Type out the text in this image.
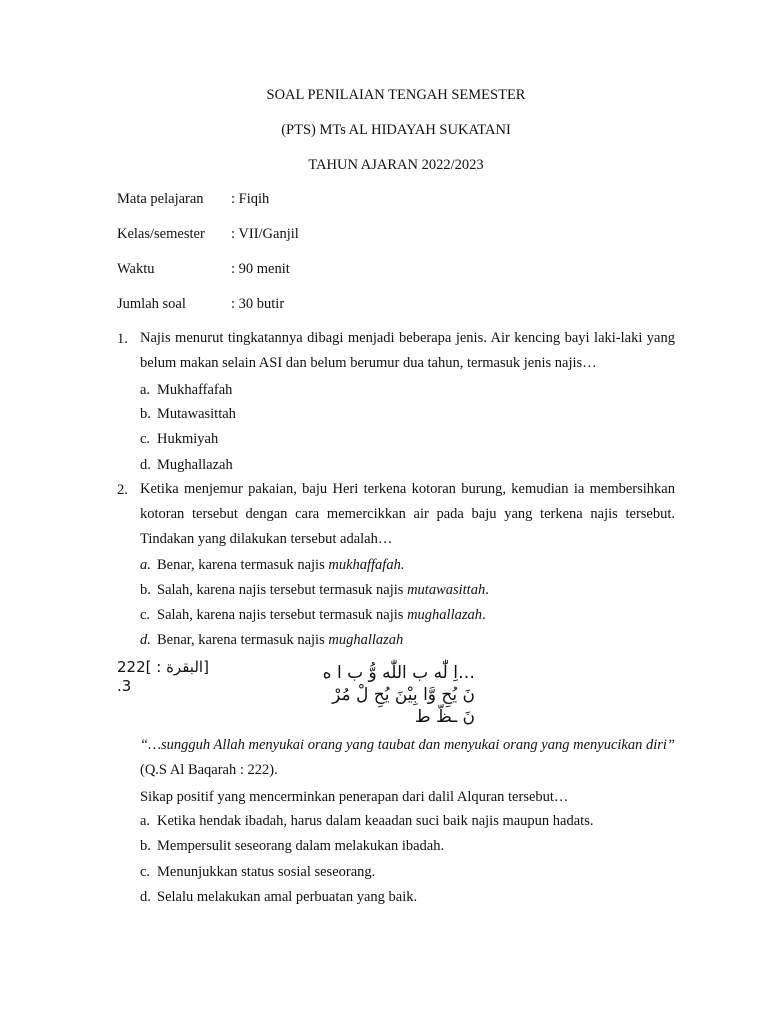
SOAL PENILAIAN TENGAH SEMESTER
(PTS) MTs AL HIDAYAH SUKATANI
TAHUN AJARAN 2022/2023
Mata pelajaran : Fiqih
Kelas/semester : VII/Ganjil
Waktu	: 90 menit
Jumlah soal	: 30 butir
1. Najis menurut tingkatannya dibagi menjadi beberapa jenis. Air kencing bayi laki-laki yang belum makan selain ASI dan belum berumur dua tahun, termasuk jenis najis…
a. Mukhaffafah
b. Mutawasittah
c. Hukmiyah
d. Mughallazah
2. Ketika menjemur pakaian, baju Heri terkena kotoran burung, kemudian ia membersihkan kotoran tersebut dengan cara memercikkan air pada baju yang terkena najis tersebut. Tindakan yang dilakukan tersebut adalah…
a. Benar, karena termasuk najis mukhaffafah.
b. Salah, karena najis tersebut termasuk najis mutawasittah.
c. Salah, karena najis tersebut termasuk najis mughallazah.
d. Benar, karena termasuk najis mughallazah
222[ : البقرة]
.3
…اِ لّٰه ب اللّٰه وُّ ب ا ه
نَ يُحِ وَّا بِيْنَ يُحِ لْ مُرْ
نَ ـظّ ط
“…sungguh Allah menyukai orang yang taubat dan menyukai orang yang menyucikan diri” (Q.S Al Baqarah : 222).
Sikap positif yang mencerminkan penerapan dari dalil Alquran tersebut…
a. Ketika hendak ibadah, harus dalam keaadan suci baik najis maupun hadats.
b. Mempersulit seseorang dalam melakukan ibadah.
c. Menunjukkan status sosial seseorang.
d. Selalu melakukan amal perbuatan yang baik.
